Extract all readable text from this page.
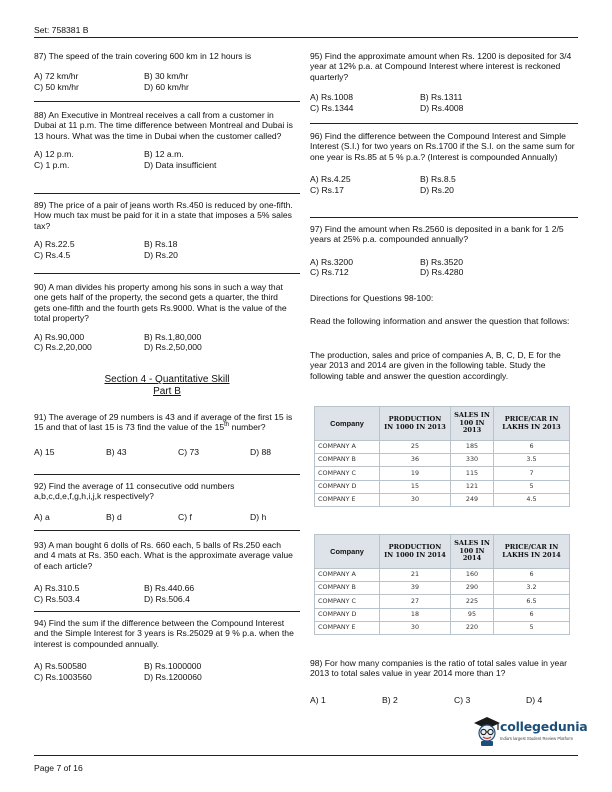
Set: 758381 B

87) The speed of the train covering 600 km in 12 hours is

A) 72 km/hr	B) 30 km/hr
C) 50 km/hr	D) 60 km/hr

88) An Executive in Montreal receives a call from a customer in Dubai at 11 p.m. The time difference between Montreal and Dubai is 13 hours. What was the time in Dubai when the customer called?

A) 12 p.m.	B) 12 a.m.
C) 1 p.m.	D) Data insufficient

89) The price of a pair of jeans worth Rs.450 is reduced by one-fifth. How much tax must be paid for it in a state that imposes a 5% sales tax?

A) Rs.22.5	B) Rs.18
C) Rs.4.5	D) Rs.20

90) A man divides his property among his sons in such a way that one gets half of the property, the second gets a quarter, the third gets one-fifth and the fourth gets Rs.9000. What is the value of the total property?

A) Rs.90,000	B) Rs.1,80,000
C) Rs.2,20,000	D) Rs.2,50,000
Section 4 - Quantitative Skill
Part B

91) The average of 29 numbers is 43 and if average of the first 15 is 15 and that of last 15 is 73 find the value of the 15th number?

A) 15	B) 43	C) 73	D) 88

92) Find the average of 11 consecutive odd numbers a,b,c,d,e,f,g,h,i,j,k respectively?

A) a	B) d	C) f	D) h

93) A man bought 6 dolls of Rs. 660 each, 5 balls of Rs.250 each and 4 mats at Rs. 350 each. What is the approximate average value of each article?

A) Rs.310.5	B) Rs.440.66
C) Rs.503.4	D) Rs.506.4

94) Find the sum if the difference between the Compound Interest and the Simple Interest for 3 years is Rs.25029 at 9 % p.a. when the interest is compounded annually.

A) Rs.500580	B) Rs.1000000
C) Rs.1003560	D) Rs.1200060

95) Find the approximate amount when Rs. 1200 is deposited for 3/4 year at 12% p.a. at Compound Interest where interest is reckoned quarterly?

A) Rs.1008	B) Rs.1311
C) Rs.1344	D) Rs.4008

96) Find the difference between the Compound Interest and Simple Interest (S.I.) for two years on Rs.1700 if the S.I. on the same sum for one year is Rs.85 at 5 % p.a.? (Interest is compounded Annually)

A) Rs.4.25	B) Rs.8.5
C) Rs.17	D) Rs.20

97) Find the amount when Rs.2560 is deposited in a bank for 1 2/5 years at 25% p.a. compounded annually?

A) Rs.3200	B) Rs.3520
C) Rs.712	D) Rs.4280
Directions for Questions 98-100:
Read the following information and answer the question that follows:
The production, sales and price of companies A, B, C, D, E for the year 2013 and 2014 are given in the following table. Study the following table and answer the question accordingly.
Company	PRODUCTION IN 1000 IN 2013	SALES IN 100 IN 2013	PRICE/CAR IN LAKHS IN 2013
COMPANY A	25	185	6
COMPANY B	36	330	3.5
COMPANY C	19	115	7
COMPANY D	15	121	5
COMPANY E	30	249	4.5
Company	PRODUCTION IN 1000 IN 2014	SALES IN 100 IN 2014	PRICE/CAR IN LAKHS IN 2014
COMPANY A	21	160	6
COMPANY B	39	290	3.2
COMPANY C	27	225	6.5
COMPANY D	18	95	6
COMPANY E	30	220	5

98) For how many companies is the ratio of total sales value in year 2013 to total sales value in year 2014 more than 1?

A) 1	B) 2	C) 3	D) 4
Page 7 of 16
collegedunia
India's largest Student Review Platform
